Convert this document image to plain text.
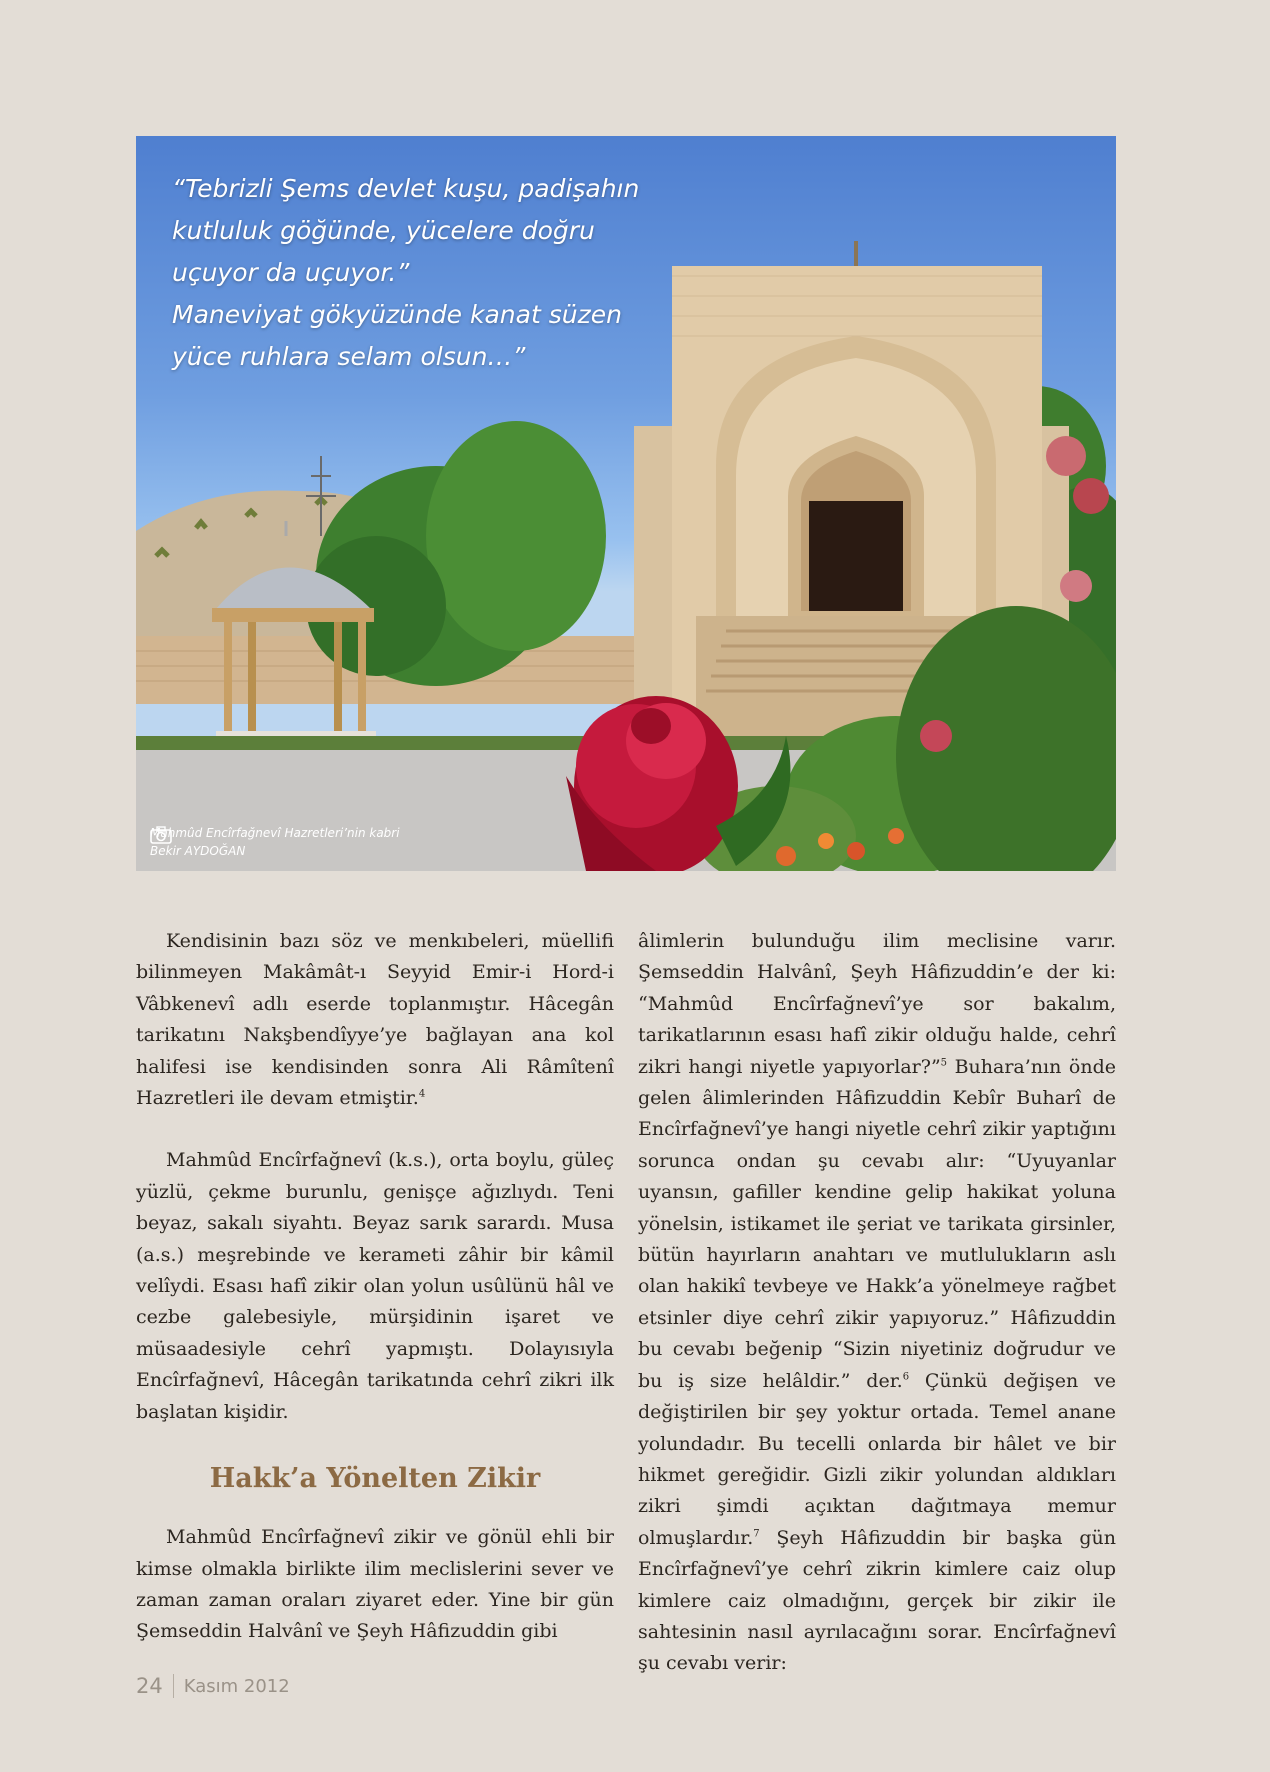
“Tebrizli Şems devlet kuşu, padişahın

kutluluk göğünde, yücelere doğru

uçuyor da uçuyor.”

Maneviyat gökyüzünde kanat süzen

yüce ruhlara selam olsun…”

Mahmûd Encîrfağnevî Hazretleri’nin kabri
Bekir AYDOĞAN

Kendisinin bazı söz ve menkıbeleri, müellifi bilinmeyen Makâmât-ı Seyyid Emir-i Hord-i Vâbkenevî adlı eserde toplanmıştır. Hâcegân tarikatını Nakşbendîyye’ye bağlayan ana kol halifesi ise kendisinden sonra Ali Râmîtenî Hazretleri ile devam etmiştir.$^4$

Mahmûd Encîrfağnevî (k.s.), orta boylu, güleç yüzlü, çekme burunlu, genişçe ağızlıydı. Teni beyaz, sakalı siyahtı. Beyaz sarık sarardı. Musa (a.s.) meşrebinde ve kerameti zâhir bir kâmil velîydi. Esası hafî zikir olan yolun usûlünü hâl ve cezbe galebesiyle, mürşidinin işaret ve müsaadesiyle cehrî yapmıştı. Dolayısıyla Encîrfağnevî, Hâcegân tarikatında cehrî zikri ilk başlatan kişidir.

Hakk’a Yönelten Zikir

Mahmûd Encîrfağnevî zikir ve gönül ehli bir kimse olmakla birlikte ilim meclislerini sever ve zaman zaman oraları ziyaret eder. Yine bir gün Şemseddin Halvânî ve Şeyh Hâfizuddin gibi

âlimlerin bulunduğu ilim meclisine varır. Şemseddin Halvânî, Şeyh Hâfizuddin’e der ki: “Mahmûd Encîrfağnevî’ye sor bakalım, tarikatlarının esası hafî zikir olduğu halde, cehrî zikri hangi niyetle yapıyorlar?”$^5$ Buhara’nın önde gelen âlimlerinden Hâfizuddin Kebîr Buharî de Encîrfağnevî’ye hangi niyetle cehrî zikir yaptığını sorunca ondan şu cevabı alır: “Uyuyanlar uyansın, gafiller kendine gelip hakikat yoluna yönelsin, istikamet ile şeriat ve tarikata girsinler, bütün hayırların anahtarı ve mutlulukların aslı olan hakikî tevbeye ve Hakk’a yönelmeye rağbet etsinler diye cehrî zikir yapıyoruz.” Hâfizuddin bu cevabı beğenip “Sizin niyetiniz doğrudur ve bu iş size helâldir.” der.$^6$ Çünkü değişen ve değiştirilen bir şey yoktur ortada. Temel anane yolundadır. Bu tecelli onlarda bir hâlet ve bir hikmet gereğidir. Gizli zikir yolundan aldıkları zikri şimdi açıktan dağıtmaya memur olmuşlardır.$^7$ Şeyh Hâfizuddin bir başka gün Encîrfağnevî’ye cehrî zikrin kimlere caiz olup kimlere caiz olmadığını, gerçek bir zikir ile sahtesinin nasıl ayrılacağını sorar. Encîrfağnevî şu cevabı verir:

24 Kasım 2012
